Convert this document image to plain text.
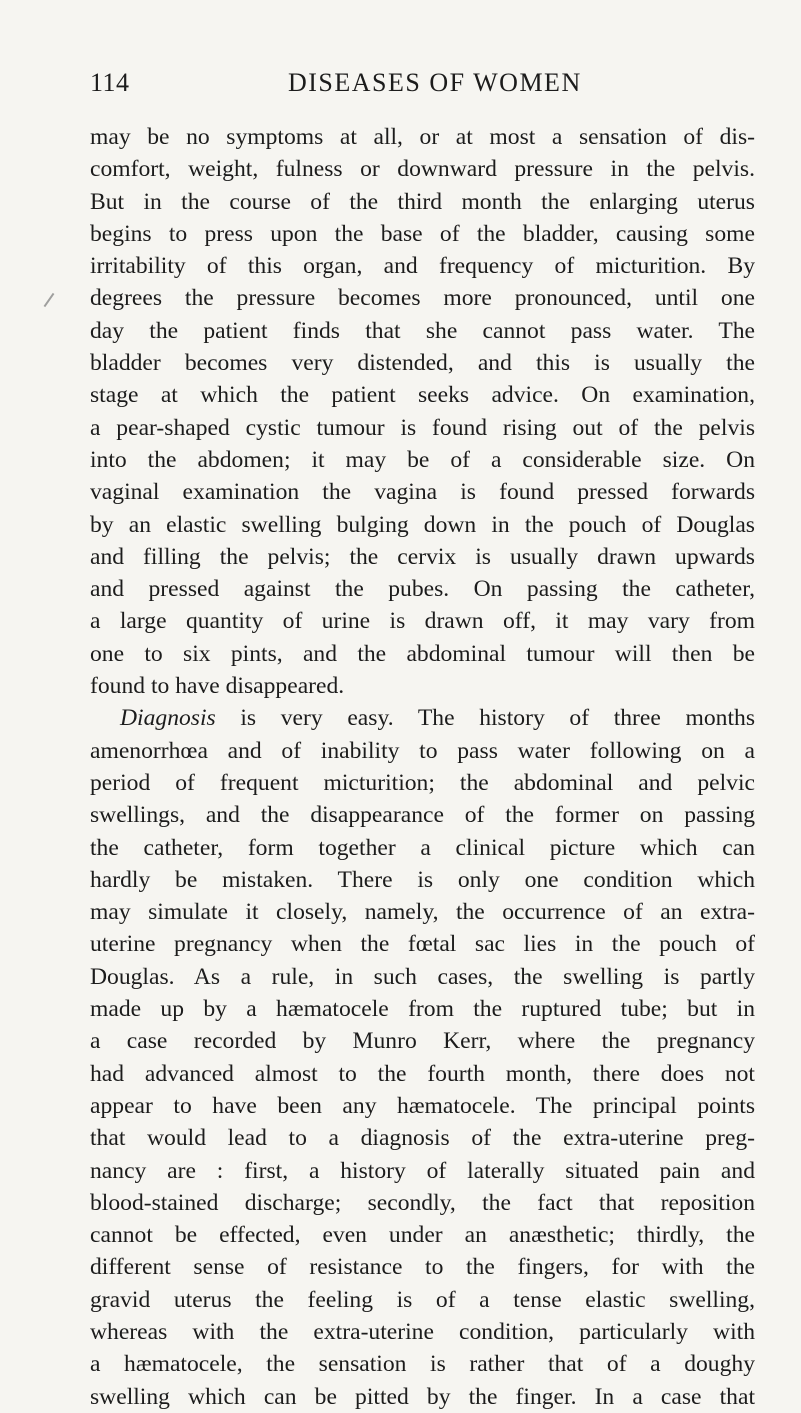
114	DISEASES OF WOMEN
may be no symptoms at all, or at most a sensation of dis-
comfort, weight, fulness or downward pressure in the pelvis.
But in the course of the third month the enlarging uterus
begins to press upon the base of the bladder, causing some
irritability of this organ, and frequency of micturition. By
degrees the pressure becomes more pronounced, until one
day the patient finds that she cannot pass water. The
bladder becomes very distended, and this is usually the
stage at which the patient seeks advice. On examination,
a pear-shaped cystic tumour is found rising out of the pelvis
into the abdomen; it may be of a considerable size. On
vaginal examination the vagina is found pressed forwards
by an elastic swelling bulging down in the pouch of Douglas
and filling the pelvis; the cervix is usually drawn upwards
and pressed against the pubes. On passing the catheter,
a large quantity of urine is drawn off, it may vary from
one to six pints, and the abdominal tumour will then be
found to have disappeared.
Diagnosis is very easy. The history of three months
amenorrhœa and of inability to pass water following on a
period of frequent micturition; the abdominal and pelvic
swellings, and the disappearance of the former on passing
the catheter, form together a clinical picture which can
hardly be mistaken. There is only one condition which
may simulate it closely, namely, the occurrence of an extra-
uterine pregnancy when the fœtal sac lies in the pouch of
Douglas. As a rule, in such cases, the swelling is partly
made up by a hæmatocele from the ruptured tube; but in
a case recorded by Munro Kerr, where the pregnancy
had advanced almost to the fourth month, there does not
appear to have been any hæmatocele. The principal points
that would lead to a diagnosis of the extra-uterine preg-
nancy are : first, a history of laterally situated pain and
blood-stained discharge; secondly, the fact that reposition
cannot be effected, even under an anæsthetic; thirdly, the
different sense of resistance to the fingers, for with the
gravid uterus the feeling is of a tense elastic swelling,
whereas with the extra-uterine condition, particularly with
a hæmatocele, the sensation is rather that of a doughy
swelling which can be pitted by the finger. In a case that
